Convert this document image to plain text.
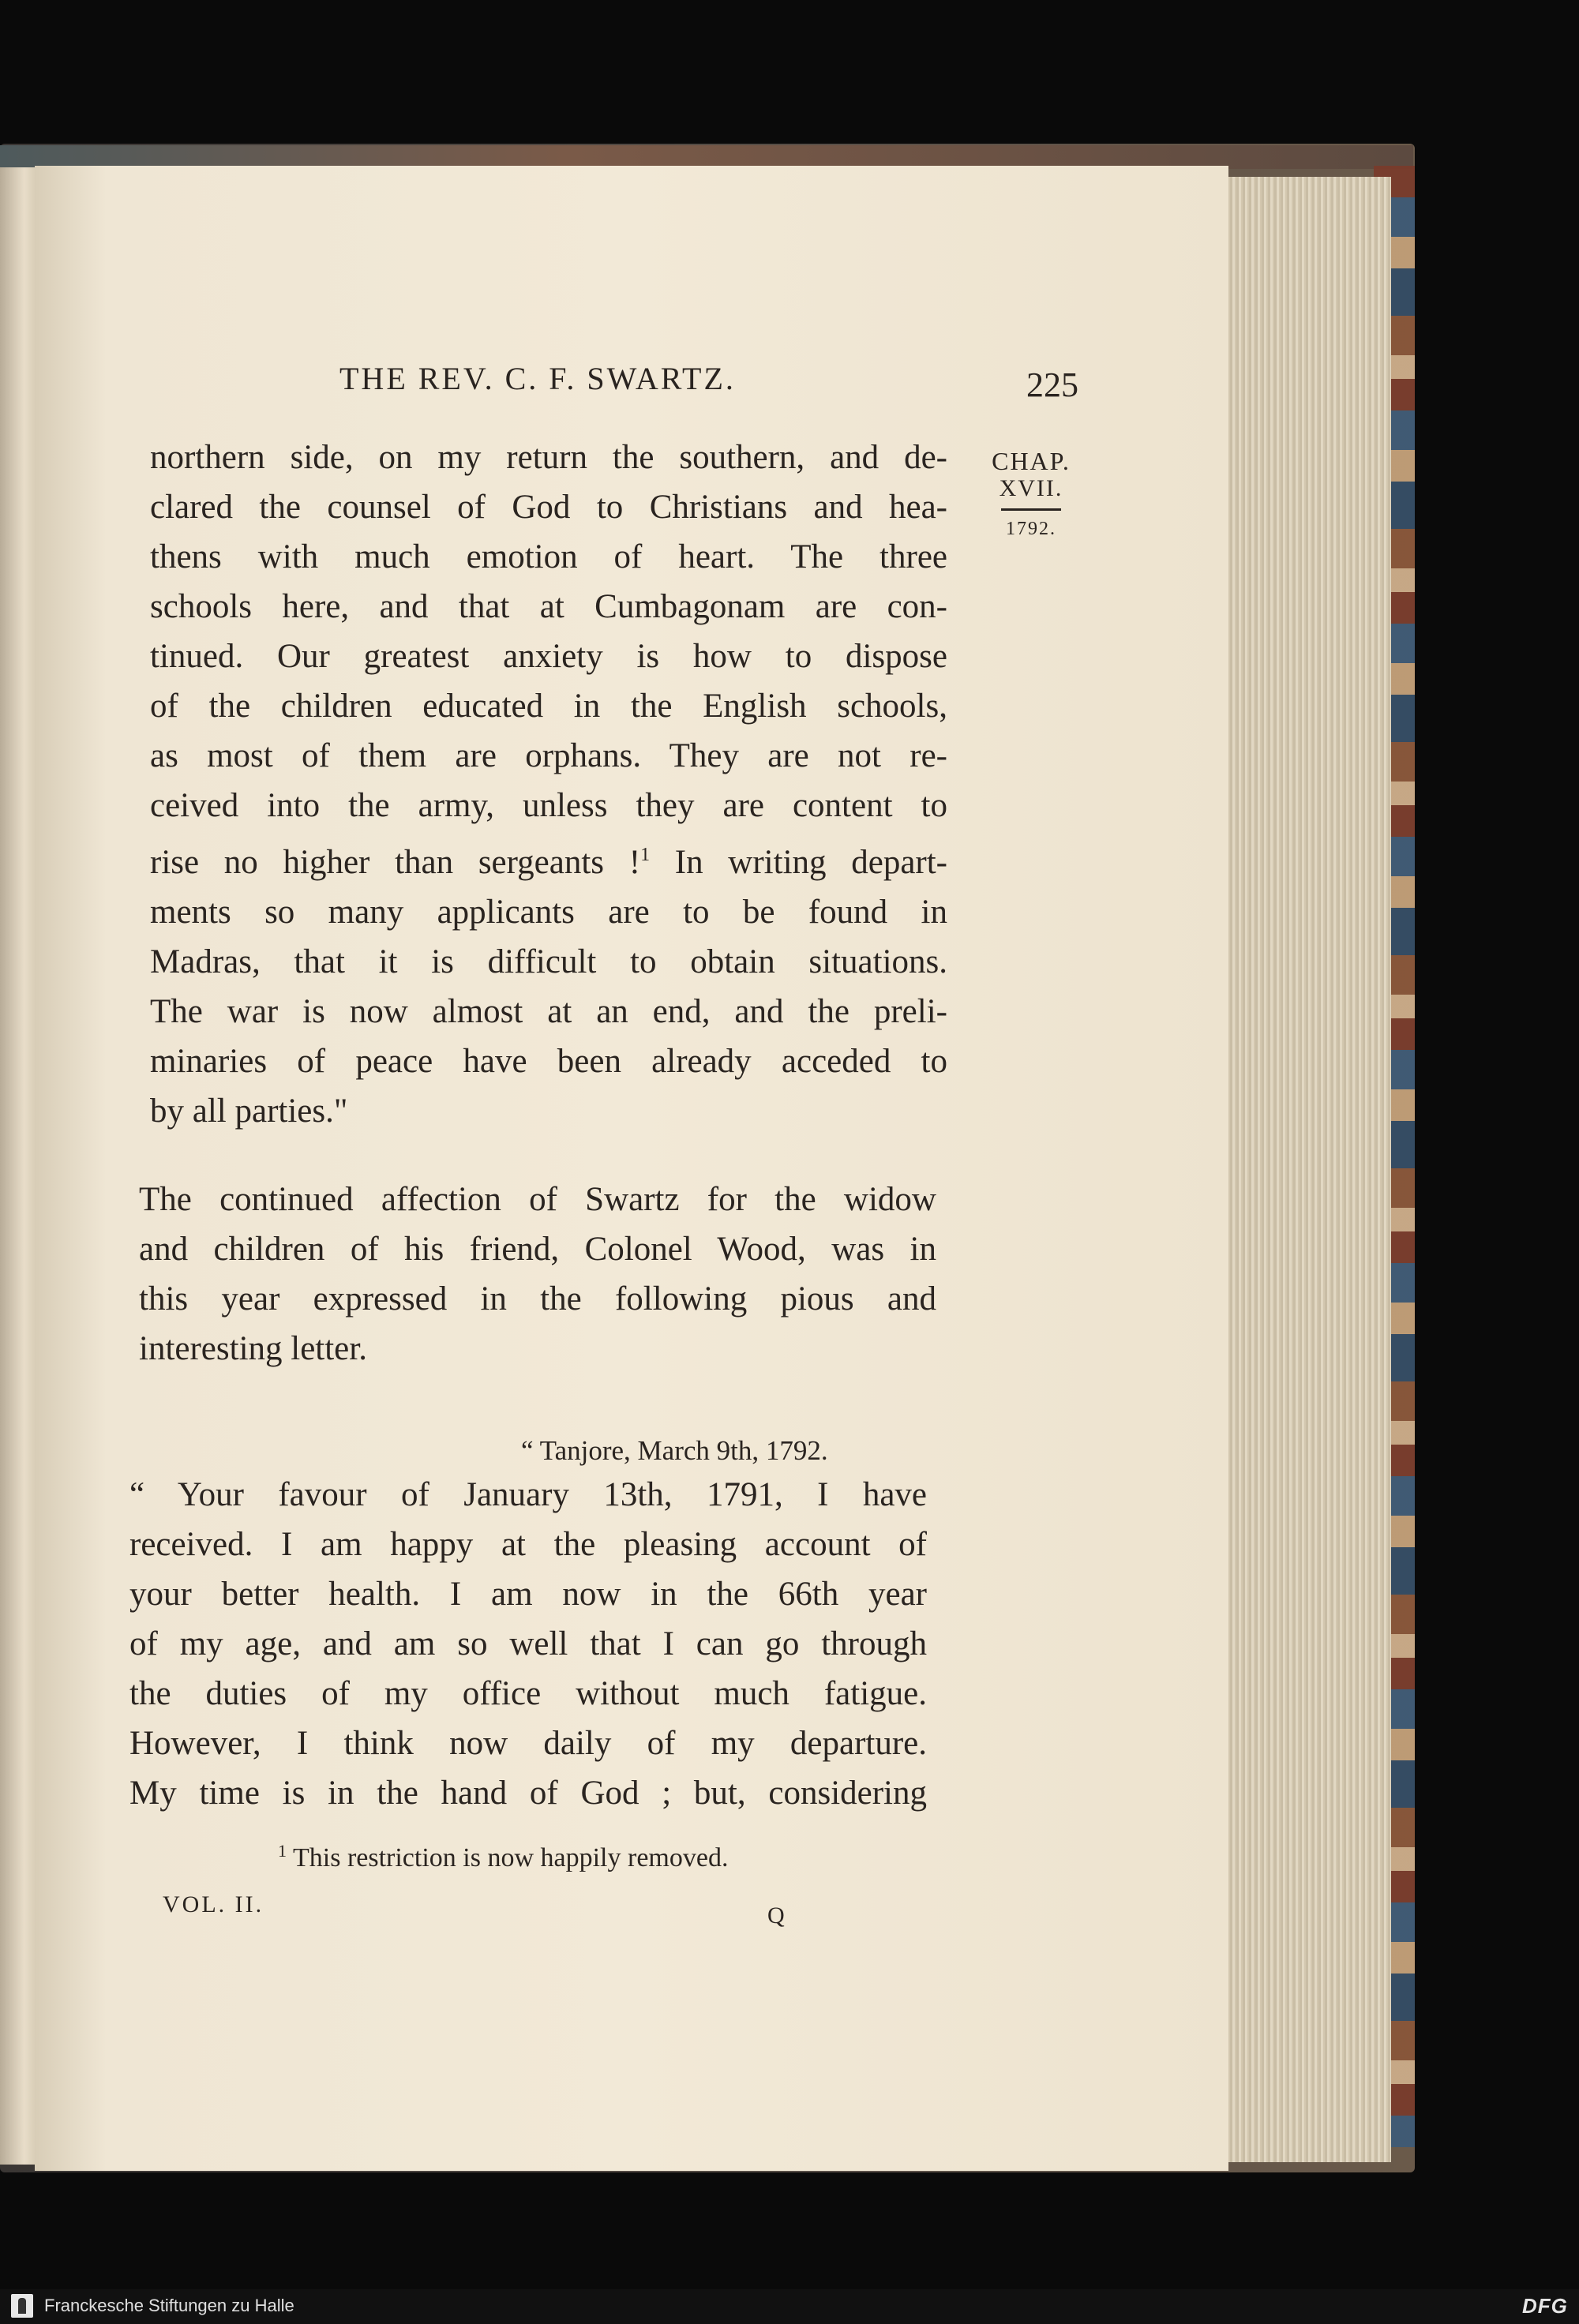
THE REV. C. F. SWARTZ.	225
CHAP.
XVII.
1792.
northern side, on my return the southern, and de-
clared the counsel of God to Christians and hea-
thens with much emotion of heart. The three
schools here, and that at Cumbagonam are con-
tinued. Our greatest anxiety is how to dispose
of the children educated in the English schools,
as most of them are orphans. They are not re-
ceived into the army, unless they are content to
rise no higher than sergeants !$^1$ In writing depart-
ments so many applicants are to be found in
Madras, that it is difficult to obtain situations.
The war is now almost at an end, and the preli-
minaries of peace have been already acceded to
by all parties."
The continued affection of Swartz for the widow
and children of his friend, Colonel Wood, was in
this year expressed in the following pious and
interesting letter.
“ Tanjore, March 9th, 1792.
“ Your favour of January 13th, 1791, I have
received. I am happy at the pleasing account of
your better health. I am now in the 66th year
of my age, and am so well that I can go through
the duties of my office without much fatigue.
However, I think now daily of my departure.
My time is in the hand of God ; but, considering
$^1$ This restriction is now happily removed.
VOL. II.	Q
Franckesche Stiftungen zu Halle	DFG
